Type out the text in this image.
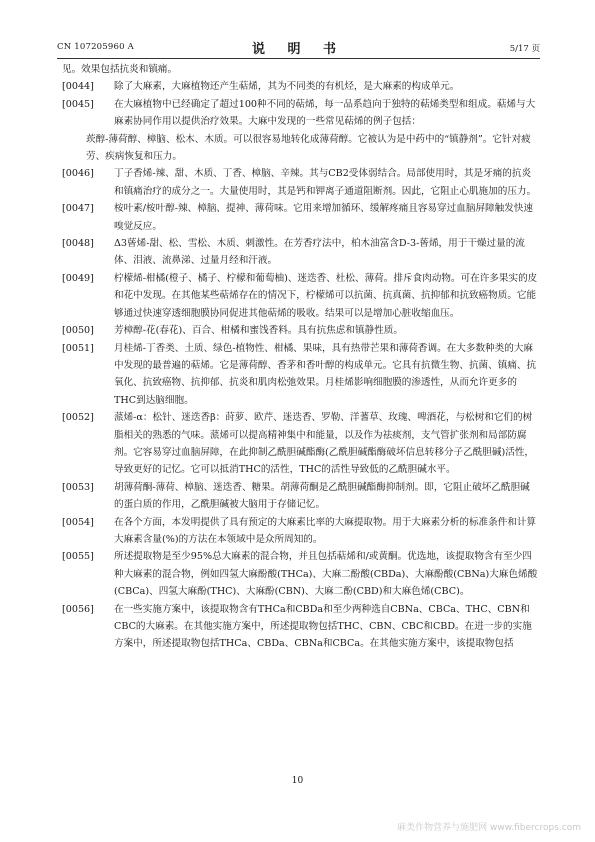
CN 107205960 A	说 明 书	5/17 页
见。效果包括抗炎和镇痛。
[0044] 除了大麻素，大麻植物还产生萜烯，其为不同类的有机烃，是大麻素的构成单元。
[0045] 在大麻植物中已经确定了超过100种不同的萜烯，每一品系趋向于独特的萜烯类型和组成。萜烯与大麻素协同作用以提供治疗效果。大麻中发现的一些常见萜烯的例子包括：
莰醇-薄荷醇、樟脑、松木、木质。可以很容易地转化成薄荷醇。它被认为是中药中的“镇静剂”。它针对疲劳、疾病恢复和压力。
[0046] 丁子香烯-辣、甜、木质、丁香、樟脑、辛辣。其与CB2受体弱结合。局部使用时，其是牙痛的抗炎和镇痛治疗的成分之一。大量使用时，其是钙和钾离子通道阻断剂。因此，它阻止心肌施加的压力。
[0047] 桉叶素/桉叶醇-辣、樟脑、提神、薄荷味。它用来增加循环、缓解疼痛且容易穿过血脑屏障触发快速嗅觉反应。
[0048] Δ3蒈烯-甜、松、雪松、木质、刺激性。在芳香疗法中，柏木油富含D-3-蒈烯，用于干燥过量的流体、泪液、流鼻涕、过量月经和汗液。
[0049] 柠檬烯-柑橘(橙子、橘子、柠檬和葡萄柚)、迷迭香、杜松、薄荷。排斥食肉动物。可在许多果实的皮和花中发现。在其他某些萜烯存在的情况下，柠檬烯可以抗菌、抗真菌、抗抑郁和抗致癌物质。它能够通过快速穿透细胞膜协同促进其他萜烯的吸收。结果可以是增加心脏收缩血压。
[0050] 芳樟醇-花(春花)、百合、柑橘和蜜饯香料。具有抗焦虑和镇静性质。
[0051] 月桂烯-丁香类、土质、绿色-植物性、柑橘、果味，具有热带芒果和薄荷香调。在大多数种类的大麻中发现的最普遍的萜烯。它是薄荷醇、香茅和香叶醇的构成单元。它具有抗微生物、抗菌、镇痛、抗氧化、抗致癌物、抗抑郁、抗炎和肌肉松弛效果。月桂烯影响细胞膜的渗透性，从而允许更多的THC到达脑细胞。
[0052] 蒎烯-α：松针、迷迭香β：莳萝、欧芹、迷迭香、罗勒、洋蓍草、玫瑰、啤酒花，与松树和它们的树脂相关的熟悉的气味。蒎烯可以提高精神集中和能量，以及作为祛痰剂，支气管扩张剂和局部防腐剂。它容易穿过血脑屏障，在此抑制乙酰胆碱酯酶(乙酰胆碱酯酶破坏信息转移分子乙酰胆碱)活性，导致更好的记忆。它可以抵消THC的活性，THC的活性导致低的乙酰胆碱水平。
[0053] 胡薄荷酮-薄荷、樟脑、迷迭香、糖果。胡薄荷酮是乙酰胆碱酯酶抑制剂。即，它阻止破坏乙酰胆碱的蛋白质的作用，乙酰胆碱被大脑用于存储记忆。
[0054] 在各个方面，本发明提供了具有预定的大麻素比率的大麻提取物。用于大麻素分析的标准条件和计算大麻素含量(%)的方法在本领域中是众所周知的。
[0055] 所述提取物是至少95%总大麻素的混合物，并且包括萜烯和/或黄酮。优选地，该提取物含有至少四种大麻素的混合物，例如四氢大麻酚酸(THCa)、大麻二酚酸(CBDa)、大麻酚酸(CBNa)大麻色烯酸(CBCa)、四氢大麻酚(THC)、大麻酚(CBN)、大麻二酚(CBD)和大麻色烯(CBC)。
[0056] 在一些实施方案中，该提取物含有THCa和CBDa和至少两种选自CBNa、CBCa、THC、CBN和CBC的大麻素。在其他实施方案中，所述提取物包括THC、CBN、CBC和CBD。在进一步的实施方案中，所述提取物包括THCa、CBDa、CBNa和CBCa。在其他实施方案中，该提取物包括
10
麻类作物营养与施肥网 www.fibercrops.com
